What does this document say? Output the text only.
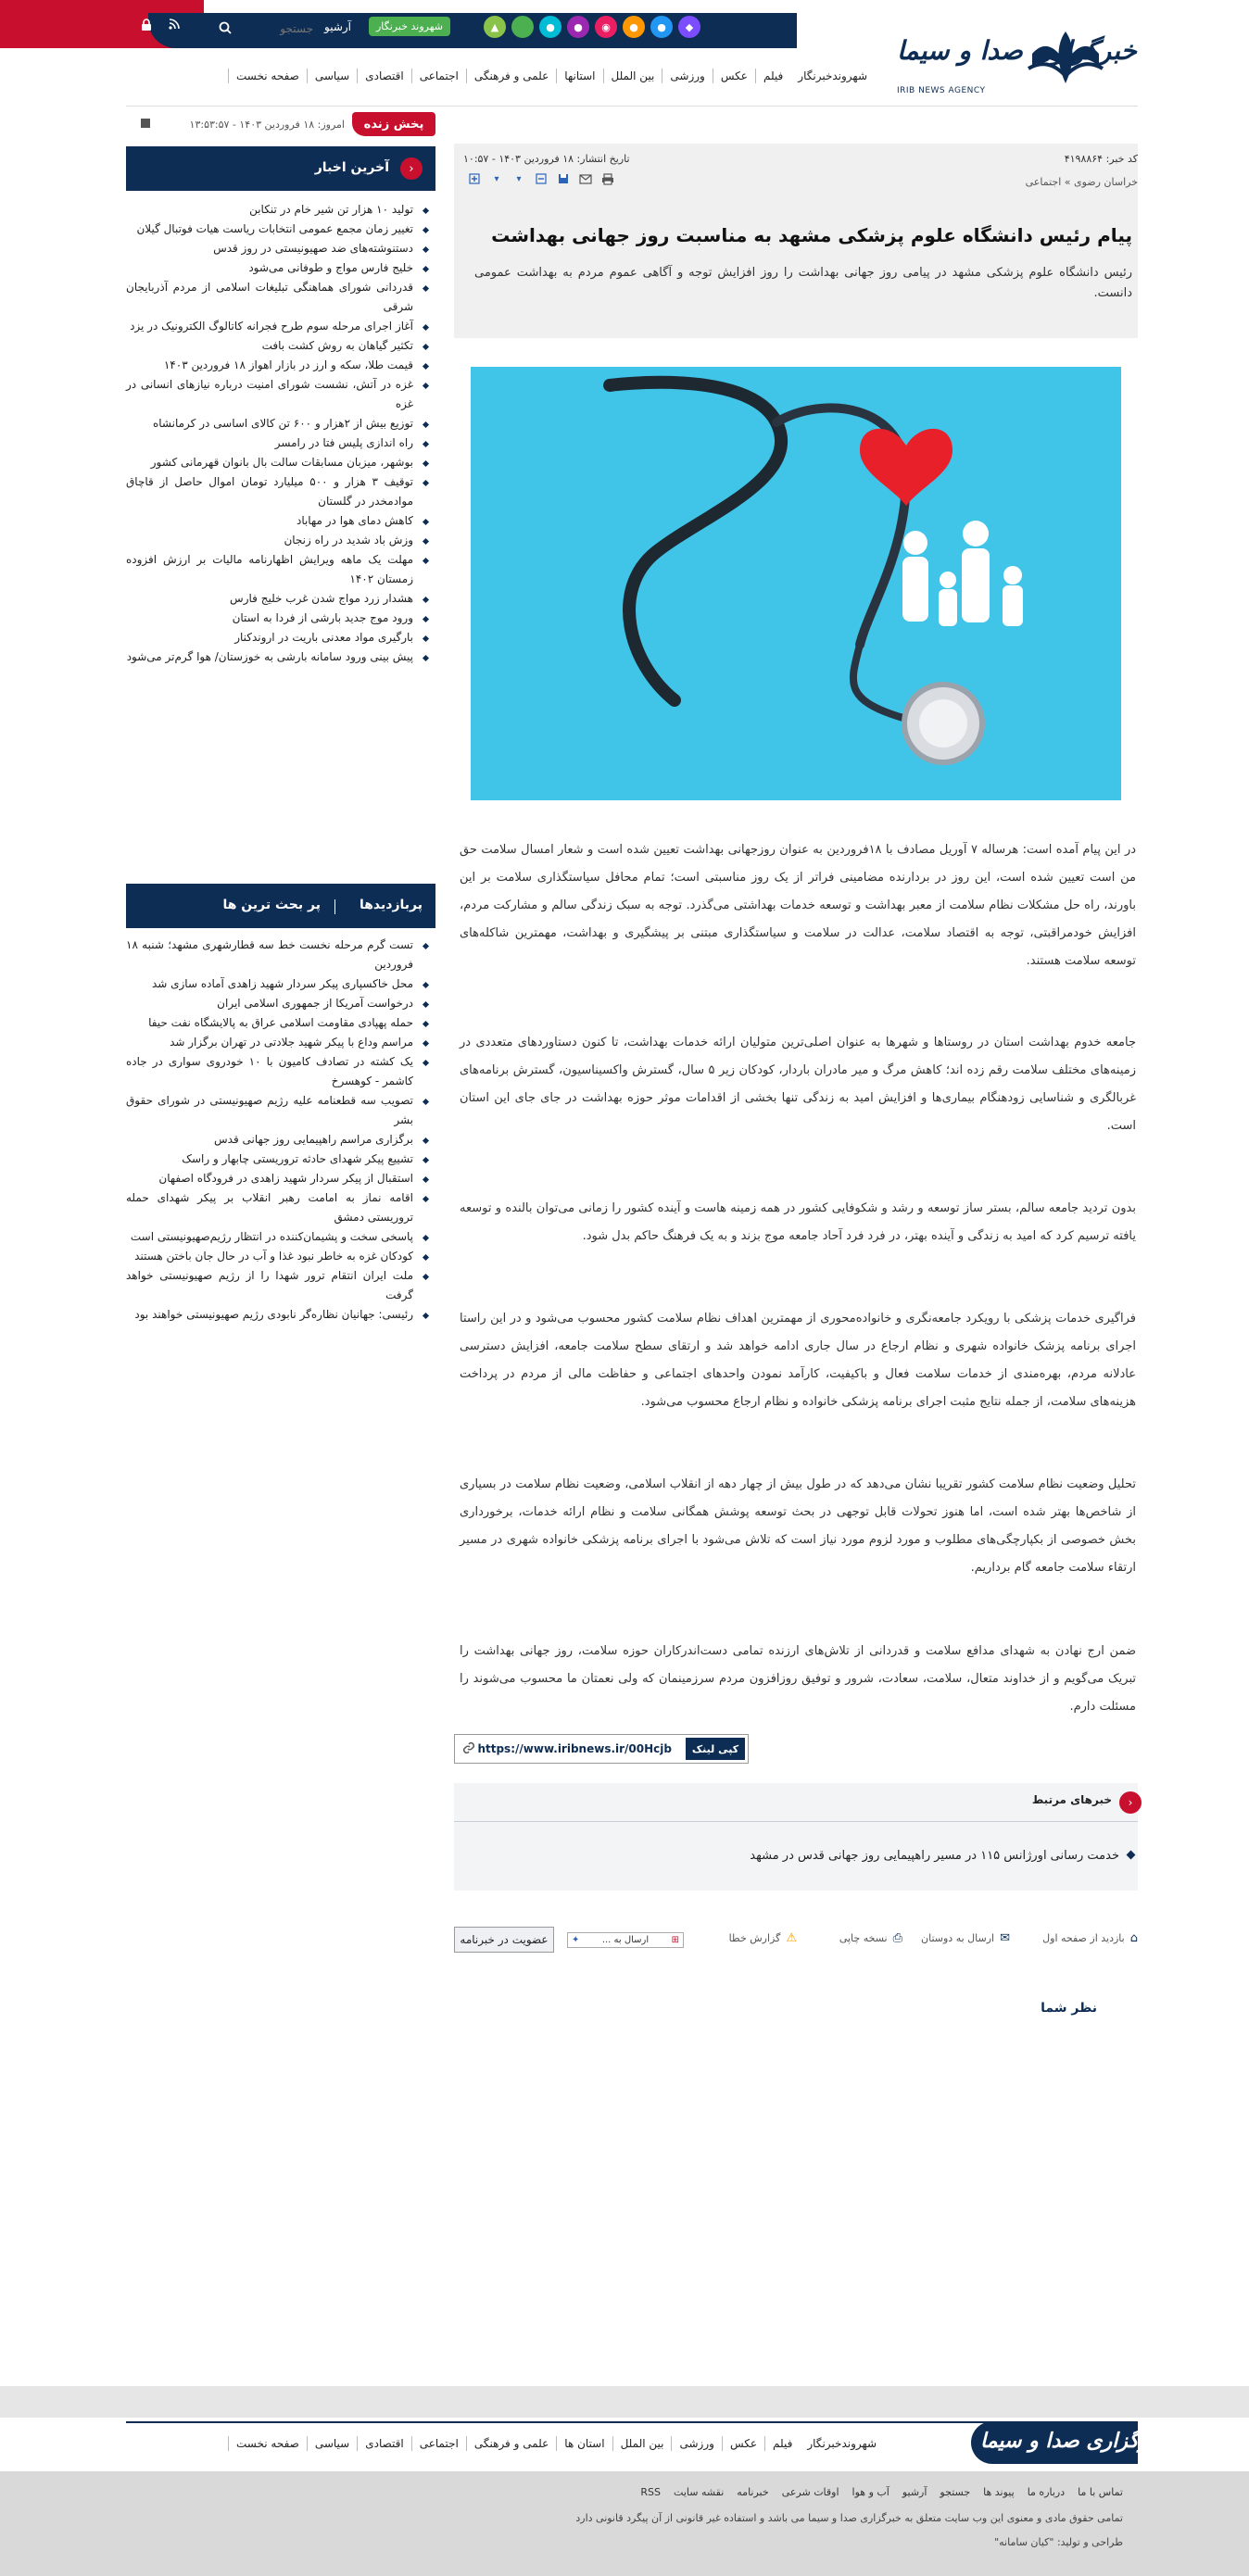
جستجو
آرشیو	شهروند خبرنگار	◆
●
●
◉
●
●
▲
خبرگزاری صدا و سیما
IRIB NEWS AGENCY
صفحه نخست	سیاسی	اقتصادی	اجتماعی	علمی و فرهنگی	استانها	بین الملل	ورزشی	عکس	فیلم	شهروندخبرنگار
پخش زنده
امروز: ۱۸ فروردین ۱۴۰۳ - ۱۳:۵۳:۵۷
‹
آخرین اخبار
تولید ۱۰ هزار تن شیر خام در تنکابن
تغییر زمان مجمع عمومی انتخابات ریاست هیات فوتبال گیلان
دستنوشته‌های ضد صهیونیستی در روز قدس
خلیج فارس مواج و طوفانی می‌شود
قدردانی شورای هماهنگی تبلیغات اسلامی از مردم آذربایجان شرقی
آغاز اجرای مرحله سوم طرح فجرانه کاتالوگ الکترونیک در یزد
تکثیر گیاهان به روش کشت بافت
قیمت طلا، سکه و ارز در بازار اهواز ۱۸ فروردین ۱۴۰۳
غزه در آتش، نشست شورای امنیت درباره نیازهای انسانی در غزه
توزیع بیش از ۲هزار و ۶۰۰ تن کالای اساسی در کرمانشاه
راه اندازی پلیس فتا در رامسر
بوشهر، میزبان مسابقات سالت بال بانوان قهرمانی کشور
توقیف ۳ هزار و ۵۰۰ میلیارد تومان اموال حاصل از قاچاق موادمخدر در گلستان
کاهش دمای هوا در مهاباد
وزش باد شدید در راه زنجان
مهلت یک ماهه ویرایش اظهارنامه مالیات بر ارزش افزوده زمستان ۱۴۰۲
هشدار زرد مواج شدن غرب خلیج فارس
ورود موج جدید بارشی از فردا به استان
بارگیری مواد معدنی باریت در اروندکنار
پیش بینی ورود سامانه بارشی به خوزستان/ هوا گرم‌تر می‌شود
پربازدیدها
پر بحث ترین ها
تست گرم مرحله نخست خط سه قطارشهری مشهد؛ شنبه ۱۸ فروردین
محل خاکسپاری پیکر سردار شهید زاهدی آماده سازی شد
درخواست آمریکا از جمهوری اسلامی ایران
حمله پهپادی مقاومت اسلامی عراق به پالایشگاه نفت حیفا
مراسم وداع با پیکر شهید جلادتی در تهران برگزار شد
یک کشته در تصادف کامیون با ۱۰ خودروی سواری در جاده کاشمر - کوهسرخ
تصویب سه قطعنامه علیه رژیم صهیونیستی در شورای حقوق بشر
برگزاری مراسم راهپیمایی روز جهانی قدس
تشییع پیکر شهدای حادثه تروریستی چابهار و راسک
استقبال از پیکر سردار شهید زاهدی در فرودگاه اصفهان
اقامه نماز به امامت رهبر انقلاب بر پیکر شهدای حمله تروریستی دمشق
پاسخی سخت و پشیمان‌کننده در انتظار رژیم‌صهیونیستی است
کودکان غزه به خاطر نبود غذا و آب در حال جان باختن هستند
ملت ایران انتقام ترور شهدا را از رژیم صهیونیستی خواهد گرفت
رئیسی: جهانیان نظاره‌گر نابودی رژیم صهیونیستی خواهند بود
کد خبر: ۴۱۹۸۸۶۴
تاریخ انتشار: ۱۸ فروردین ۱۴۰۳ - ۱۰:۵۷
خراسان رضوی » اجتماعی
▾
▾
پیام رئیس دانشگاه علوم پزشکی مشهد به مناسبت روز جهانی بهداشت

رئیس دانشگاه علوم پزشکی مشهد در پیامی روز جهانی بهداشت را روز افزایش توجه و آگاهی عموم مردم به بهداشت عمومی دانست.

در این پیام آمده است: هرساله ۷ آوریل مصادف با ۱۸فروردین به عنوان روزجهانی بهداشت تعیین شده است و شعار امسال سلامت حق من است تعیین شده است، این روز در بردارنده مضامینی فراتر از یک روز مناسبتی است؛ تمام محافل سیاستگذاری سلامت بر این باورند، راه حل مشکلات نظام سلامت از معبر بهداشت و توسعه خدمات بهداشتی می‌گذرد. توجه به سبک زندگی سالم و مشارکت مردم، افزایش خودمراقبتی، توجه به اقتصاد سلامت، عدالت در سلامت و سیاستگذاری مبتنی بر پیشگیری و بهداشت، مهمترین شاکله‌های توسعه سلامت هستند.

جامعه خدوم بهداشت استان در روستاها و شهرها به عنوان اصلی‌ترین متولیان ارائه خدمات بهداشت، تا کنون دستاوردهای متعددی در زمینه‌های مختلف سلامت رقم زده اند؛ کاهش مرگ و میر مادران باردار، کودکان زیر ۵ سال، گسترش واکسیناسیون، گسترش برنامه‌های غربالگری و شناسایی زودهنگام بیماری‌ها و افزایش امید به زندگی تنها بخشی از اقدامات موثر حوزه بهداشت در جای جای این استان است.

بدون تردید جامعه سالم، بستر ساز توسعه و رشد و شکوفایی کشور در همه زمینه هاست و آینده کشور را زمانی می‌توان بالنده و توسعه یافته ترسیم کرد که امید به زندگی و آینده بهتر، در فرد فرد آحاد جامعه موج بزند و به یک فرهنگ حاکم بدل شود.

فراگیری خدمات پزشکی با رویکرد جامعه‌نگری و خانواده‌محوری از مهمترین اهداف نظام سلامت کشور محسوب می‌شود و در این راستا اجرای برنامه پزشک خانواده شهری و نظام ارجاع در سال جاری ادامه خواهد شد و ارتقای سطح سلامت جامعه، افزایش دسترسی عادلانه مردم، بهره‌مندی از خدمات سلامت فعال و باکیفیت، کارآمد نمودن واحدهای اجتماعی و حفاظت مالی از مردم در پرداخت هزینه‌های سلامت، از جمله نتایج مثبت اجرای برنامه پزشکی خانواده و نظام ارجاع محسوب می‌شود.

تحلیل وضعیت نظام سلامت کشور تقریبا نشان می‌دهد که در طول بیش از چهار دهه از انقلاب اسلامی، وضعیت نظام سلامت در بسیاری از شاخص‌ها بهتر شده است، اما هنوز تحولات قابل توجهی در بحث توسعه پوشش همگانی سلامت و نظام ارائه خدمات، برخورداری بخش خصوصی از بکپارچگی‌های مطلوب و مورد لزوم مورد نیاز است که تلاش می‌شود با اجرای برنامه پزشکی خانواده شهری در مسیر ارتقاء سلامت جامعه گام برداریم.

ضمن ارج نهادن به شهدای مدافع سلامت و قدردانی از تلاش‌های ارزنده تمامی دست‌اندرکاران حوزه سلامت، روز جهانی بهداشت را تبریک می‌گویم و از خداوند متعال، سلامت، سعادت، شرور و توفیق روزافزون مردم سرزمینمان که ولی نعمتان ما محسوب می‌شوند را مسئلت دارم.

کپی لینک
https://www.iribnews.ir/00Hcjb
‹
خبرهای مرتبط
خدمت رسانی اورژانس ۱۱۵ در مسیر راهپیمایی روز جهانی قدس در مشهد
⌂
بازدید از صفحه اول
✉
ارسال به دوستان
⎙
نسخه چاپی
⚠
گزارش خطا
⊞
ارسال به ...
✦
عضویت در خبرنامه
نظر شما
خبرگزاری صدا و سیما
صفحه نخست	سیاسی	اقتصادی	اجتماعی	علمی و فرهنگی	استان ها	بین الملل	ورزشی	عکس	فیلم	شهروندخبرنگار
تماس با ما
درباره ما
پیوند ها
جستجو
آرشیو
آب و هوا
اوقات شرعی
خبرنامه
نقشه سایت
RSS
تمامی حقوق مادی و معنوی این وب سایت متعلق به خبرگزاری صدا و سیما می باشد و استفاده غیر قانونی از آن پیگرد قانونی دارد
طراحی و تولید: "کیان سامانه"
